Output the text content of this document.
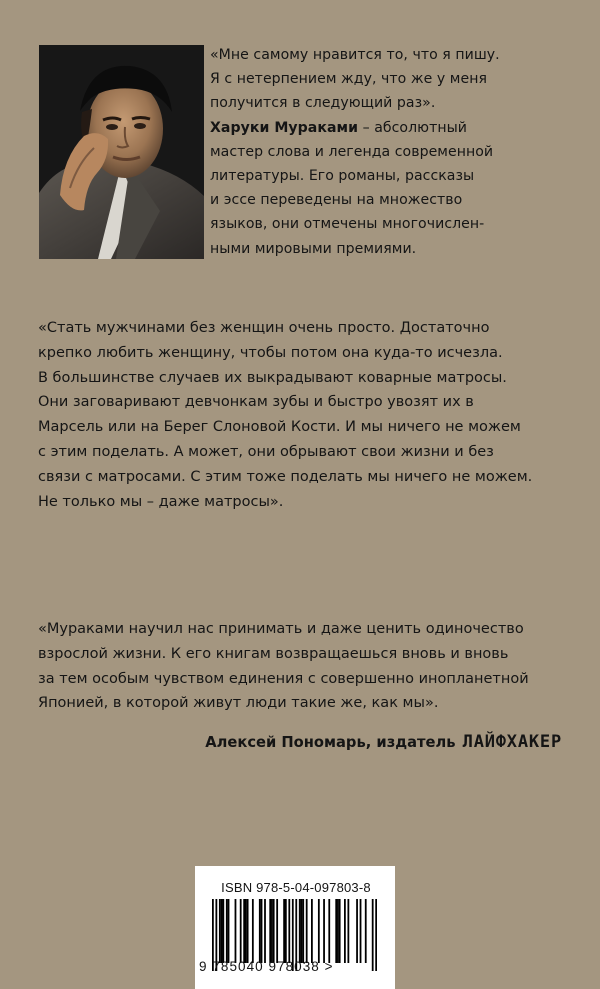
«Мне самому нравится то, что я пишу.
Я с нетерпением жду, что же у меня
получится в следующий раз».
Харуки Мураками – абсолютный
мастер слова и легенда современной
литературы. Его романы, рассказы
и эссе переведены на множество
языков, они отмечены многочислен-
ными мировыми премиями.
«Стать мужчинами без женщин очень просто. Достаточно
крепко любить женщину, чтобы потом она куда-то исчезла.
В большинстве случаев их выкрадывают коварные матросы.
Они заговаривают девчонкам зубы и быстро увозят их в
Марсель или на Берег Слоновой Кости. И мы ничего не можем
с этим поделать. А может, они обрывают свои жизни и без
связи с матросами. С этим тоже поделать мы ничего не можем.
Не только мы – даже матросы».
«Мураками научил нас принимать и даже ценить одиночество
взрослой жизни. К его книгам возвращаешься вновь и вновь
за тем особым чувством единения с совершенно инопланетной
Японией, в которой живут люди такие же, как мы».
Алексей Пономарь, издатель ЛАЙФХАКЕР
ISBN 978-5-04-097803-8
9 785040 978038 >
